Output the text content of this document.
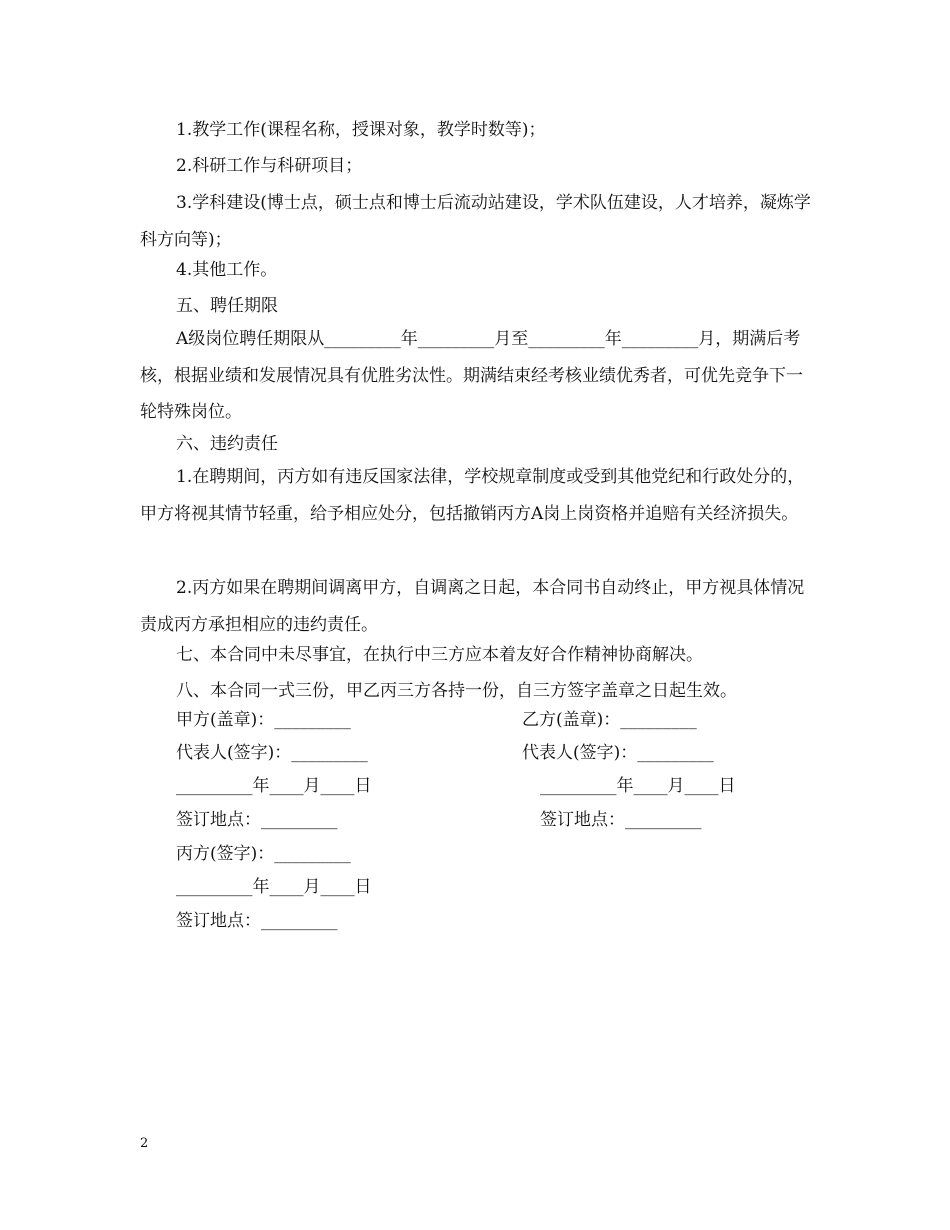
1.教学工作(课程名称，授课对象，教学时数等)；

2.科研工作与科研项目；

3.学科建设(博士点，硕士点和博士后流动站建设，学术队伍建设，人才培养，凝炼学科方向等)；

4.其他工作。

五、聘任期限

A级岗位聘任期限从_________年_________月至_________年_________月，期满后考核，根据业绩和发展情况具有优胜劣汰性。期满结束经考核业绩优秀者，可优先竞争下一轮特殊岗位。

六、违约责任

1.在聘期间，丙方如有违反国家法律，学校规章制度或受到其他党纪和行政处分的，甲方将视其情节轻重，给予相应处分，包括撤销丙方A岗上岗资格并追赔有关经济损失。

2.丙方如果在聘期间调离甲方，自调离之日起，本合同书自动终止，甲方视具体情况责成丙方承担相应的违约责任。

七、本合同中未尽事宜，在执行中三方应本着友好合作精神协商解决。

八、本合同一式三份，甲乙丙三方各持一份，自三方签字盖章之日起生效。

甲方(盖章)：_________	乙方(盖章)：_________
代表人(签字)：_________	代表人(签字)：_________
_________年____月____日	_________年____月____日
签订地点：_________	签订地点：_________
丙方(签字)：_________
_________年____月____日
签订地点：_________
2
